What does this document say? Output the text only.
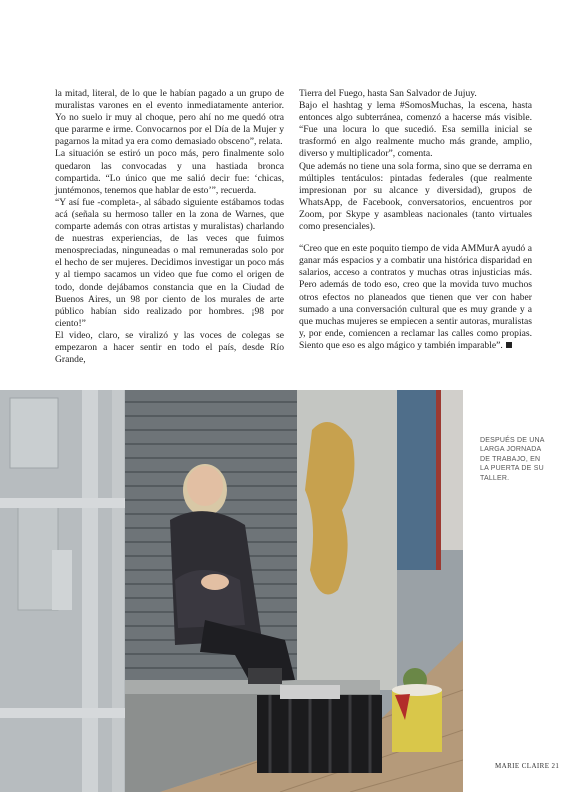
la mitad, literal, de lo que le habían pagado a un grupo de muralistas varones en el evento inmediatamente anterior. Yo no suelo ir muy al choque, pero ahí no me quedó otra que pararme e irme. Convocarnos por el Día de la Mujer y pagarnos la mitad ya era como demasiado obsceno”, relata.

La situación se estiró un poco más, pero finalmente solo quedaron las convocadas y una hastiada bronca compartida. “Lo único que me salió decir fue: ‘chicas, juntémonos, tenemos que hablar de esto’”, recuerda.

“Y así fue -completa-, al sábado siguiente estábamos todas acá (señala su hermoso taller en la zona de Warnes, que comparte además con otras artistas y muralistas) charlando de nuestras experiencias, de las veces que fuimos menospreciadas, ninguneadas o mal remuneradas solo por el hecho de ser mujeres. Decidimos investigar un poco más y al tiempo sacamos un video que fue como el origen de todo, donde dejábamos constancia que en la Ciudad de Buenos Aires, un 98 por ciento de los murales de arte público habían sido realizado por hombres. ¡98 por ciento!”

El video, claro, se viralizó y las voces de colegas se empezaron a hacer sentir en todo el país, desde Río Grande,

Tierra del Fuego, hasta San Salvador de Jujuy.

Bajo el hashtag y lema #SomosMuchas, la escena, hasta entonces algo subterránea, comenzó a hacerse más visible. “Fue una locura lo que sucedió. Esa semilla inicial se trasformó en algo realmente mucho más grande, amplio, diverso y multiplicador”, comenta.

Que además no tiene una sola forma, sino que se derrama en múltiples tentáculos: pintadas federales (que realmente impresionan por su alcance y diversidad), grupos de WhatsApp, de Facebook, conversatorios, encuentros por Zoom, por Skype y asambleas nacionales (tanto virtuales como presenciales).

“Creo que en este poquito tiempo de vida AMMurA ayudó a ganar más espacios y a combatir una histórica disparidad en salarios, acceso a contratos y muchas otras injusticias más. Pero además de todo eso, creo que la movida tuvo muchos otros efectos no planeados que tienen que ver con haber sumado a una conversación cultural que es muy grande y a que muchas mujeres se empiecen a sentir autoras, muralistas y, por ende, comiencen a reclamar las calles como propias. Siento que eso es algo mágico y también imparable”.

DESPUÉS DE UNA LARGA JORNADA DE TRABAJO, EN LA PUERTA DE SU TALLER.
MARIE CLAIRE 21
